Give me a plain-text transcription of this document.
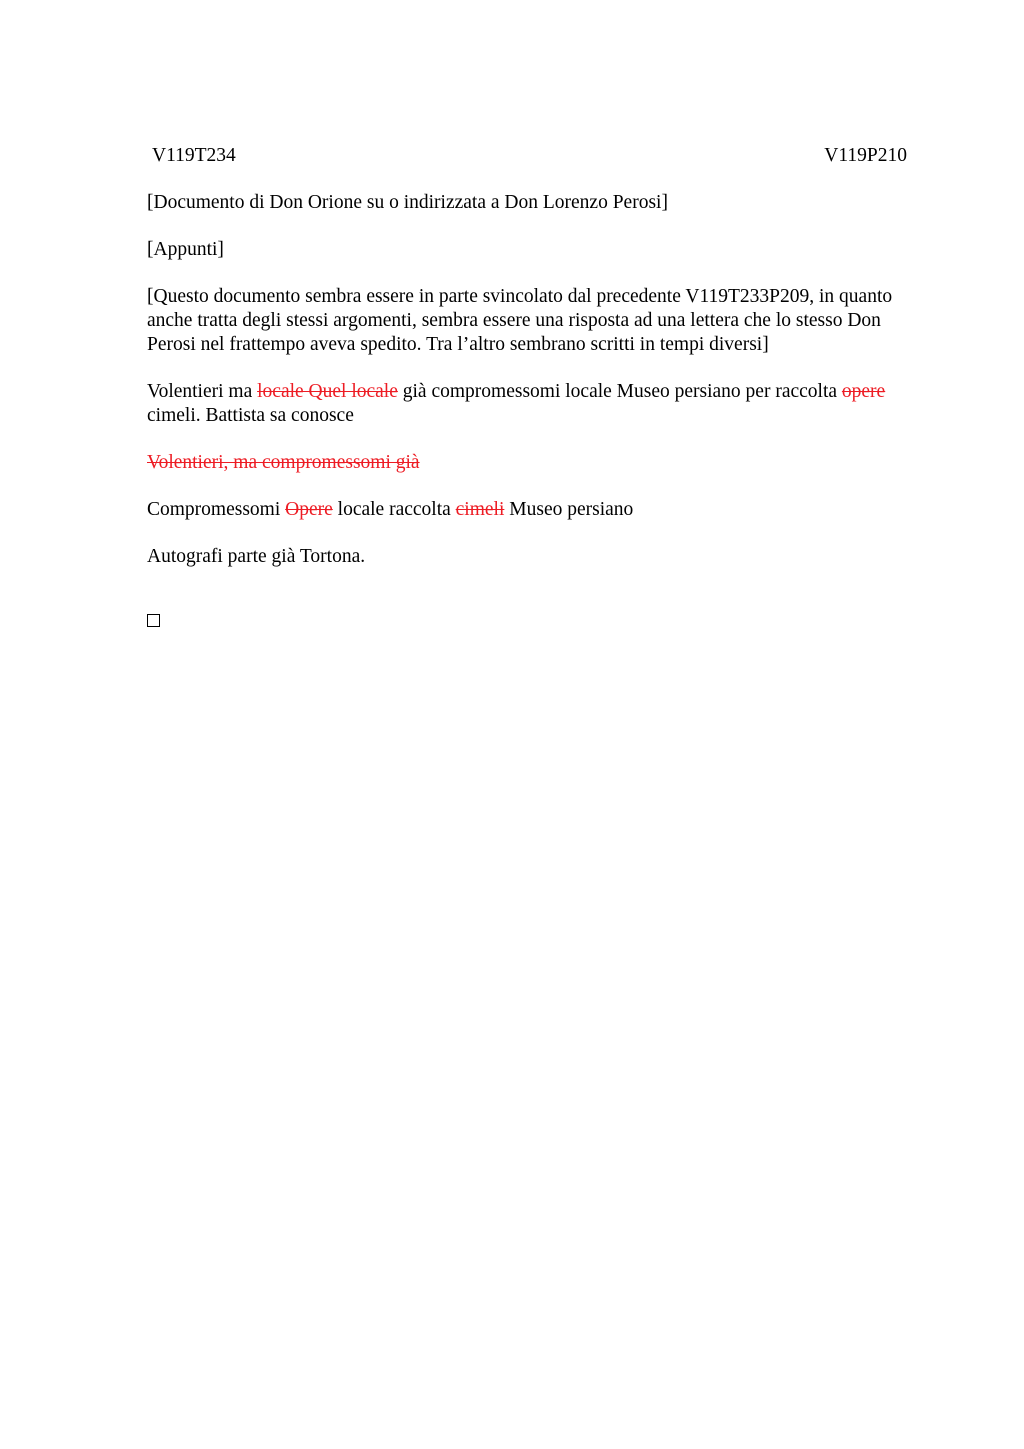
V119T234	V119P210

[Documento di Don Orione su o indirizzata a Don Lorenzo Perosi]

[Appunti]

[Questo documento sembra essere in parte svincolato dal precedente V119T233P209, in quanto anche tratta degli stessi argomenti, sembra essere una risposta ad una lettera che lo stesso Don Perosi nel frattempo aveva spedito. Tra l’altro sembrano scritti in tempi diversi]

Volentieri ma locale Quel locale già compromessomi locale Museo persiano per raccolta opere cimeli. Battista sa conosce

Volentieri, ma compromessomi già

Compromessomi Opere locale raccolta cimeli Museo persiano

Autografi parte già Tortona.
